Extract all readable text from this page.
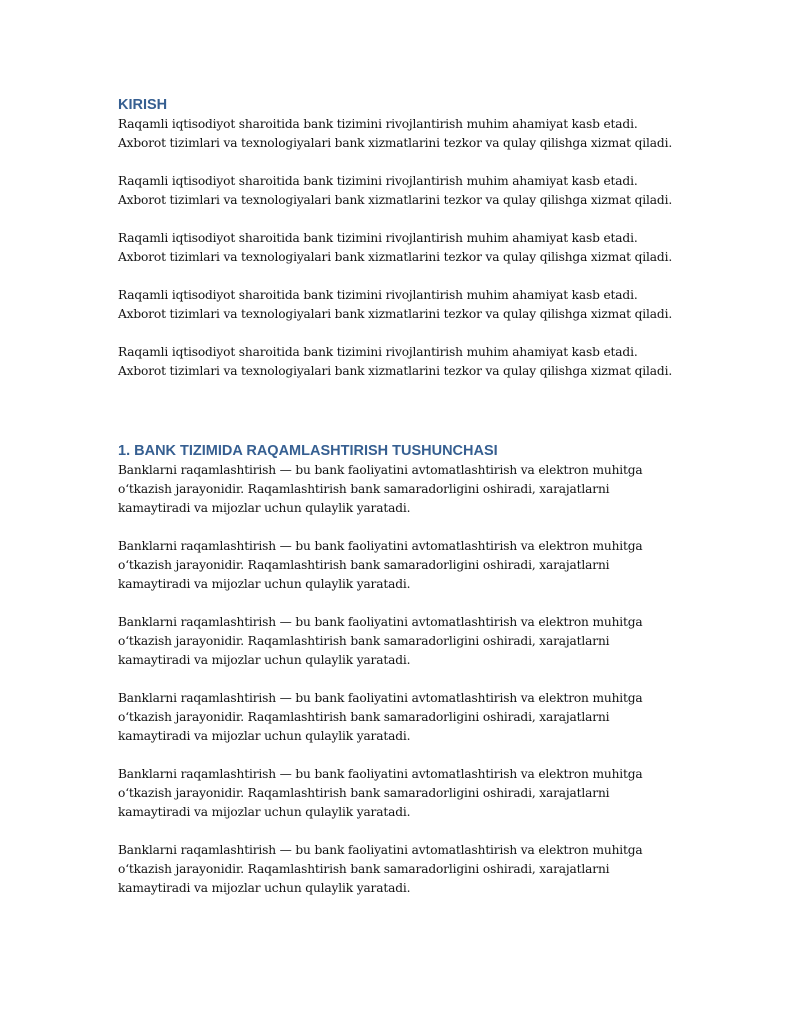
KIRISH

Raqamli iqtisodiyot sharoitida bank tizimini rivojlantirish muhim ahamiyat kasb etadi. Axborot tizimlari va texnologiyalari bank xizmatlarini tezkor va qulay qilishga xizmat qiladi.

Raqamli iqtisodiyot sharoitida bank tizimini rivojlantirish muhim ahamiyat kasb etadi. Axborot tizimlari va texnologiyalari bank xizmatlarini tezkor va qulay qilishga xizmat qiladi.

Raqamli iqtisodiyot sharoitida bank tizimini rivojlantirish muhim ahamiyat kasb etadi. Axborot tizimlari va texnologiyalari bank xizmatlarini tezkor va qulay qilishga xizmat qiladi.

Raqamli iqtisodiyot sharoitida bank tizimini rivojlantirish muhim ahamiyat kasb etadi. Axborot tizimlari va texnologiyalari bank xizmatlarini tezkor va qulay qilishga xizmat qiladi.

Raqamli iqtisodiyot sharoitida bank tizimini rivojlantirish muhim ahamiyat kasb etadi. Axborot tizimlari va texnologiyalari bank xizmatlarini tezkor va qulay qilishga xizmat qiladi.

1. BANK TIZIMIDA RAQAMLASHTIRISH TUSHUNCHASI

Banklarni raqamlashtirish — bu bank faoliyatini avtomatlashtirish va elektron muhitga o‘tkazish jarayonidir. Raqamlashtirish bank samaradorligini oshiradi, xarajatlarni kamaytiradi va mijozlar uchun qulaylik yaratadi.

Banklarni raqamlashtirish — bu bank faoliyatini avtomatlashtirish va elektron muhitga o‘tkazish jarayonidir. Raqamlashtirish bank samaradorligini oshiradi, xarajatlarni kamaytiradi va mijozlar uchun qulaylik yaratadi.

Banklarni raqamlashtirish — bu bank faoliyatini avtomatlashtirish va elektron muhitga o‘tkazish jarayonidir. Raqamlashtirish bank samaradorligini oshiradi, xarajatlarni kamaytiradi va mijozlar uchun qulaylik yaratadi.

Banklarni raqamlashtirish — bu bank faoliyatini avtomatlashtirish va elektron muhitga o‘tkazish jarayonidir. Raqamlashtirish bank samaradorligini oshiradi, xarajatlarni kamaytiradi va mijozlar uchun qulaylik yaratadi.

Banklarni raqamlashtirish — bu bank faoliyatini avtomatlashtirish va elektron muhitga o‘tkazish jarayonidir. Raqamlashtirish bank samaradorligini oshiradi, xarajatlarni kamaytiradi va mijozlar uchun qulaylik yaratadi.

Banklarni raqamlashtirish — bu bank faoliyatini avtomatlashtirish va elektron muhitga o‘tkazish jarayonidir. Raqamlashtirish bank samaradorligini oshiradi, xarajatlarni kamaytiradi va mijozlar uchun qulaylik yaratadi.
